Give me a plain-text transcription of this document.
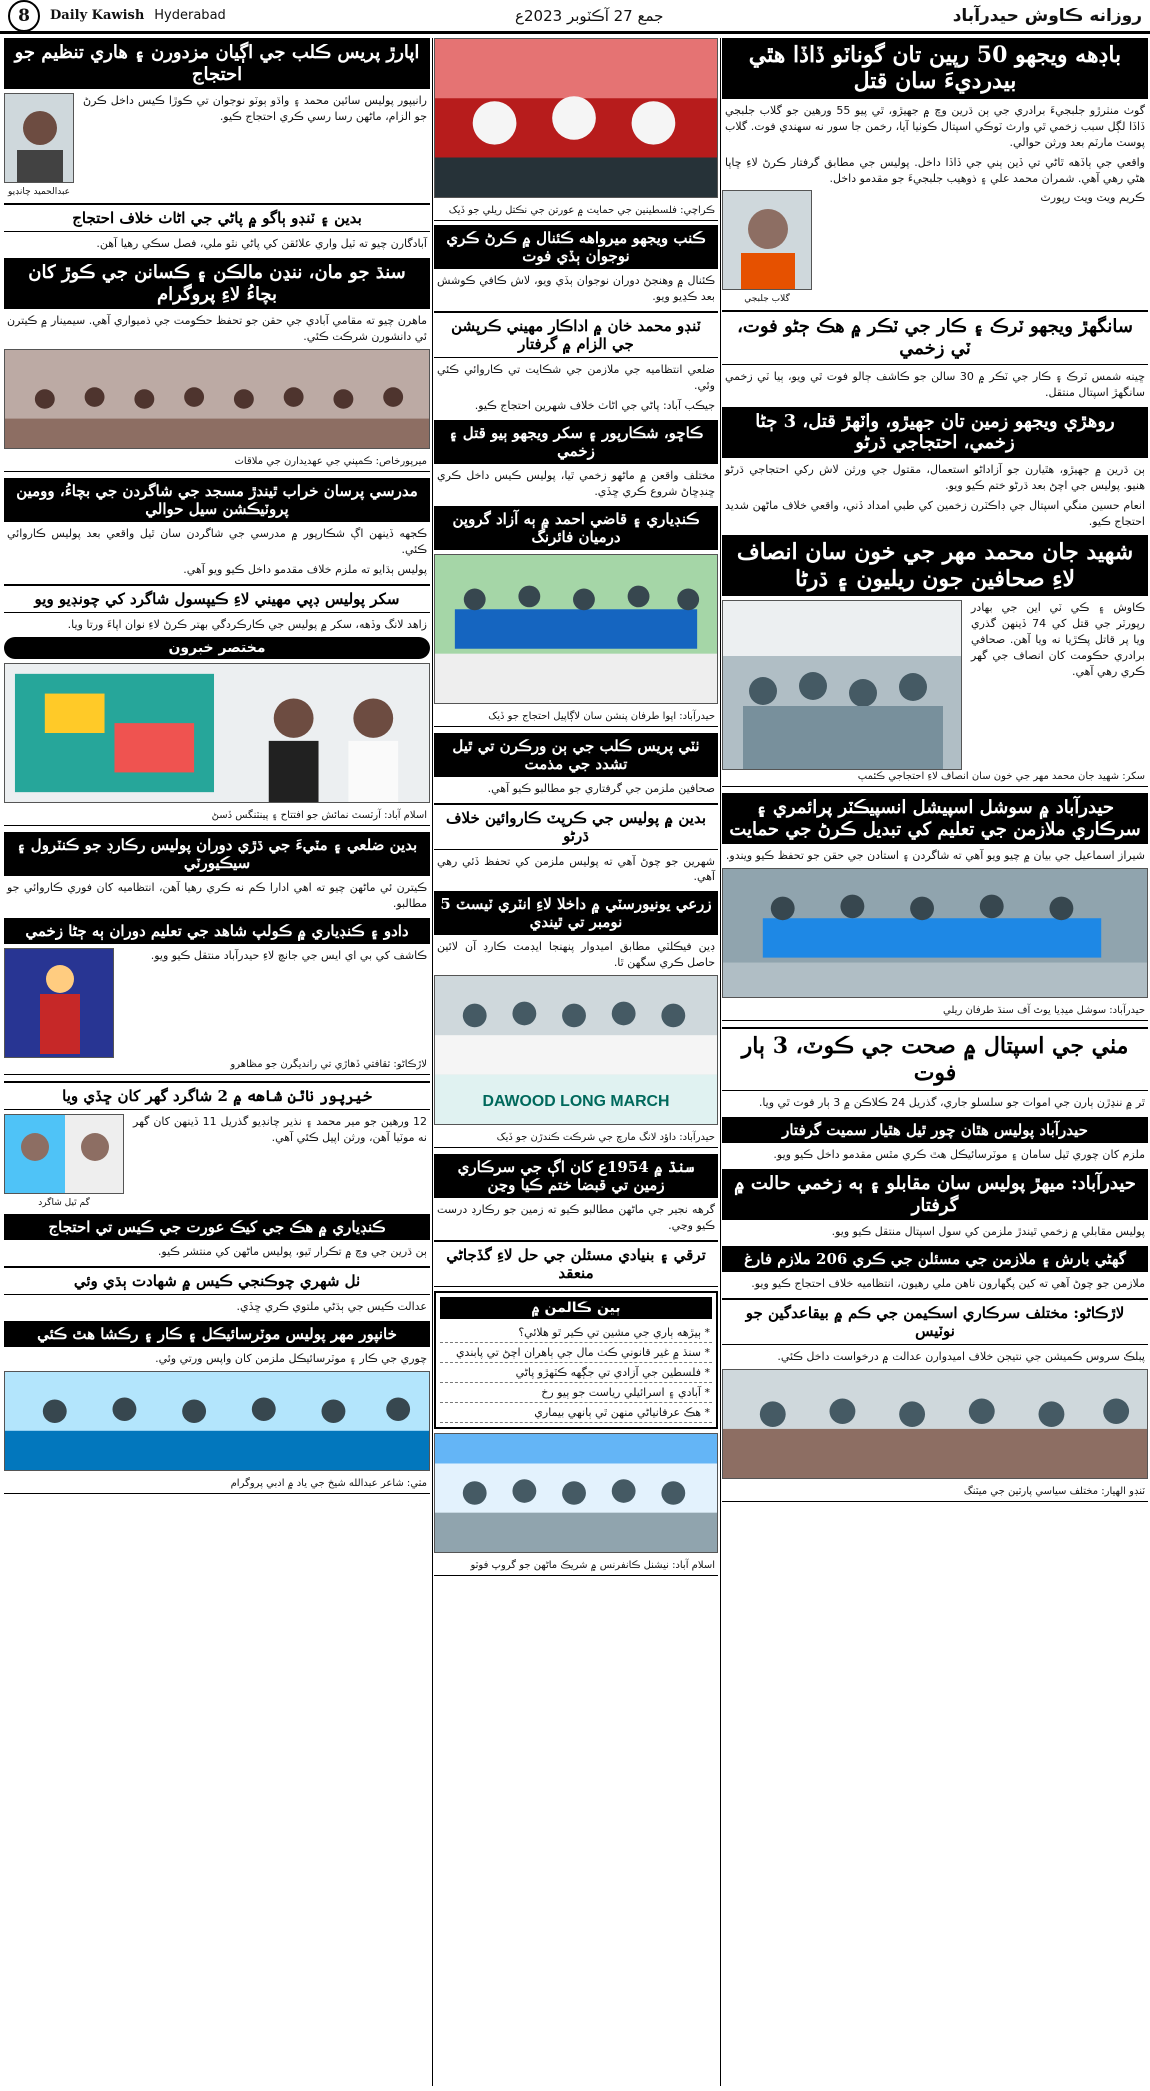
8	Daily Kawish Hyderabad	جمع 27 آڪٽوبر 2023ع	روزانه ڪاوش حيدرآباد
باڊهه ويجهو 50 رپين تان گوناٽو ڏاڏا هٿي بيدرديءَ سان قتل

گوٺ منٺرڙو جلبجيءَ برادري جي ٻن ڌرين وچ ۾ جهيڙو، ٿي پيو 55 ورهين جو گلاب جلبجي ڏاڏا لڳل سبب زخمي ٿي وارث ٽوڪي اسپتال ڪوٺيا آيا، رخمن جا سور نه سهندي فوت. گلاب پوسٽ مارٽم بعد ورثن حوالي.

واقعي جي ٻاڏهه ٿاڻي تي ڏين ٻني جي ڏاڏا داخل. پوليس جي مطابق گرفتار ڪرڻ لاءِ ڇاپا هڻي رهي آهي. شمران محمد علي ۽ ذوهيب جلبجيءَ جو مقدمو داخل.

ڪريم ويٽ ويٽ رپورٽ

گلاب جلبجي
سانگهڙ ويجهو ٽرڪ ۽ ڪار جي ٽڪر ۾ هڪ ڄڻو فوت، ٽي زخمي

ڇينه شمس ٽرڪ ۽ ڪار جي ٽڪر ۾ 30 سالن جو ڪاشف ڄالو فوت ٿي ويو، ٻيا ٽي زخمي سانگهڙ اسپتال منتقل.

روهڙي ويجهو زمين تان جهيڙو، واٽهڙ قتل، 3 ڄڻا زخمي، احتجاجي ڌرڻو

ٻن ڌرين ۾ جهيڙو، هٿيارن جو آزاداڻو استعمال، مقتول جي ورثن لاش رکي احتجاجي ڌرڻو هنيو. پوليس جي اچڻ بعد ڌرڻو ختم ڪيو ويو.

انعام حسين منگي اسپتال جي ڊاڪٽرن زخمين کي طبي امداد ڏني، واقعي خلاف ماڻهن شديد احتجاج ڪيو.

شهيد جان محمد مهر جي خون سان انصاف لاءِ صحافين جون ريليون ۽ ڌرڻا

ڪاوش ۽ ڪي ٽي اين جي بهادر رپورٽر جي قتل کي 74 ڏينهن گذري ويا پر قاتل پڪڙيا نه ويا آهن. صحافي برادري حڪومت کان انصاف جي گهر ڪري رهي آهي.

سکر: شهيد جان محمد مهر جي خون سان انصاف لاءِ احتجاجي ڪئمپ
حيدرآباد ۾ سوشل اسپيشل انسپيڪٽر پرائمري ۽ سرڪاري ملازمن جي تعليم کي تبديل ڪرڻ جي حمايت

شيراز اسماعيل جي بيان ۾ چيو ويو آهي ته شاگردن ۽ استادن جي حقن جو تحفظ ڪيو ويندو.

حيدرآباد: سوشل ميڊيا يوٿ آف سنڌ طرفان ريلي
مٺي جي اسپتال ۾ صحت جي ڪوٽ، 3 ٻار فوت

ٿر ۾ ننڍڙن ٻارن جي اموات جو سلسلو جاري، گذريل 24 ڪلاڪن ۾ 3 ٻار فوت ٿي ويا.

حيدرآباد پوليس هٿان چور ٿيل هٿيار سميت گرفتار

ملزم کان چوري ٿيل سامان ۽ موٽرسائيڪل هٿ ڪري مٿس مقدمو داخل ڪيو ويو.

حيدرآباد: ميهڙ پوليس سان مقابلو ۽ ٻه زخمي حالت ۾ گرفتار

پوليس مقابلي ۾ زخمي ٿيندڙ ملزمن کي سول اسپتال منتقل ڪيو ويو.

گهڻي بارش ۽ ملازمن جي مسئلن جي ڪري 206 ملازم فارغ

ملازمن جو چوڻ آهي ته کين پگهارون ناهن ملي رهيون، انتظاميه خلاف احتجاج ڪيو ويو.

لاڙڪاڻو: مختلف سرڪاري اسڪيمن جي ڪم ۾ بيقاعدگين جو نوٽيس

پبلڪ سروس ڪميشن جي نتيجن خلاف اميدوارن عدالت ۾ درخواست داخل ڪئي.

ٽنڊو الهيار: مختلف سياسي پارٽين جي ميٽنگ
ڪراچي: فلسطينين جي حمايت ۾ عورتن جي نڪتل ريلي جو ڏيک
ڪنب ويجهو ميرواهه ڪئنال ۾ ڪرڻ ڪري نوجوان ٻڏي فوت

ڪئنال ۾ وهنجڻ دوران نوجوان ٻڏي ويو، لاش ڪافي ڪوشش بعد ڪڍيو ويو.

ٽنڊو محمد خان ۾ اداڪار مهيني ڪرپشن جي الزام ۾ گرفتار

ضلعي انتظاميه جي ملازمن جي شڪايت تي ڪاروائي ڪئي وئي.

جيڪب آباد: پاڻي جي اڻاٺ خلاف شهرين احتجاج ڪيو.

ڪاڇو، شڪارپور ۽ سکر ويجهو ٻيو قتل ۽ زخمي

مختلف واقعن ۾ ماڻهو زخمي ٿيا، پوليس ڪيس داخل ڪري ڇنڊڇاڻ شروع ڪري ڇڏي.

ڪنڊياري ۽ قاضي احمد ۾ ٻه آزاد گروپن درميان فائرنگ
حيدرآباد: اپوا طرفان پنشن سان لاڳاپيل احتجاج جو ڏيک
ٺٽي پريس ڪلب جي ٻن ورڪرن تي ٿيل تشدد جي مذمت

صحافين ملزمن جي گرفتاري جو مطالبو ڪيو آهي.

بدين ۾ پوليس جي ڪرپٽ ڪاروائين خلاف ڌرڻو

شهرين جو چوڻ آهي ته پوليس ملزمن کي تحفظ ڏئي رهي آهي.

زرعي يونيورسٽي ۾ داخلا لاءِ انٽري ٽيسٽ 5 نومبر تي ٿيندي

ڊين فيڪلٽي مطابق اميدوار پنهنجا ايڊمٽ ڪارڊ آن لائين حاصل ڪري سگهن ٿا.

DAWOOD LONG MARCH
حيدرآباد: داؤد لانگ مارچ جي شرڪت ڪندڙن جو ڏيک
سنڌ ۾ 1954ع کان اڳ جي سرڪاري زمين تي قبضا ختم ڪيا وڃن

گرهه نجير جي ماڻهن مطالبو ڪيو ته زمين جو رڪارڊ درست ڪيو وڃي.

ترقي ۽ بنيادي مسئلن جي حل لاءِ گڏجاڻي منعقد
ٻين ڪالمن ۾
* ٻيڙهه ٻاري جي مشين تي ڪير ٿو هلائي؟
* سنڌ ۾ غير قانوني ڪٺ مال جي ٻاهران اچڻ تي پابندي
* فلسطين جي آزادي تي جڳهه ڪٽهڙو پاڻي
* آبادي ۽ اسرائيلي رياست جو ٻيو رخ
* هڪ عرفانياڻي منهن ٿي ٻانهي بيماري
اسلام آباد: نيشنل ڪانفرنس ۾ شريڪ ماڻهن جو گروپ فوٽو
اپارڙ پريس ڪلب جي اڳيان مزدورن ۽ هاري تنظيم جو احتجاج

رانيپور پوليس سائين محمد ۽ واڌو ٻوٽو نوجوان تي ڪوڙا ڪيس داخل ڪرڻ جو الزام، ماڻهن رسا رسي ڪري احتجاج ڪيو.

عبدالحميد چانڊيو
بدين ۽ ٽنڊو ٻاگو ۾ پاڻي جي اڻاٺ خلاف احتجاج

آبادگارن چيو ته ٽيل واري علائقن کي پاڻي نٿو ملي، فصل سڪي رهيا آهن.

سنڌ جو مان، ننڍن مالڪن ۽ ڪسانن جي ڪوڙ کان بچاءُ لاءِ پروگرام

ماهرن چيو ته مقامي آبادي جي حقن جو تحفظ حڪومت جي ذميواري آهي. سيمينار ۾ ڪيترن ئي دانشورن شرڪت ڪئي.

ميرپورخاص: ڪمپني جي عهديدارن جي ملاقات
مدرسي پرسان خراب ٿيندڙ مسجد جي شاگردن جي بچاءُ، وومين پروٽيڪشن سيل حوالي

ڪجهه ڏينهن اڳ شڪارپور ۾ مدرسي جي شاگردن سان ٿيل واقعي بعد پوليس ڪاروائي ڪئي.

پوليس ٻڌايو ته ملزم خلاف مقدمو داخل ڪيو ويو آهي.

سکر پوليس ڊپي مهيني لاءِ ڪيپسول شاگرد کي چونڊيو ويو

زاهد لانگ وڏهه، سکر ۾ پوليس جي ڪارڪردگي بهتر ڪرڻ لاءِ نوان اپاءَ ورتا ويا.

مختصر خبرون
اسلام آباد: آرٽسٽ نمائش جو افتتاح ۽ پينٽنگس ڏسڻ
بدين ضلعي ۽ مٽيءَ جي ڌڙي دوران پوليس رڪارڊ جو ڪنٽرول ۽ سيڪيورٽي

ڪيترن ئي ماڻهن چيو ته اهي ادارا ڪم نه ڪري رهيا آهن، انتظاميه کان فوري ڪاروائي جو مطالبو.

دادو ۽ ڪنڊياري ۾ ڪولپ شاهد جي تعليم دوران ٻه ڄڻا زخمي

ڪاشف کي بي اي ايس جي جانچ لاءِ حيدرآباد منتقل ڪيو ويو.

لاڙڪاڻو: ثقافتي ڏهاڙي تي رانديگرن جو مظاهرو
خيرپور ناٿن شاهه ۾ 2 شاگرد گهر کان ڇڏي ويا

12 ورهين جو مير محمد ۽ نذير چانڊيو گذريل 11 ڏينهن کان گهر نه موٽيا آهن، ورثن اپيل ڪئي آهي.

گم ٿيل شاگرد
ڪنڊياري ۾ هڪ جي کيڪ عورت جي ڪيس تي احتجاج

ٻن ڌرين جي وچ ۾ تڪرار ٿيو، پوليس ماڻهن کي منتشر ڪيو.

ٺل شهري چوڪنجي ڪيس ۾ شهادت ٻڌي وئي

عدالت ڪيس جي ٻڌڻي ملتوي ڪري ڇڏي.

خانپور مهر پوليس موٽرسائيڪل ۽ ڪار ۽ رڪشا هٿ ڪئي

چوري جي ڪار ۽ موٽرسائيڪل ملزمن کان واپس ورتي وئي.

مٺي: شاعر عبدالله شيخ جي ياد ۾ ادبي پروگرام
